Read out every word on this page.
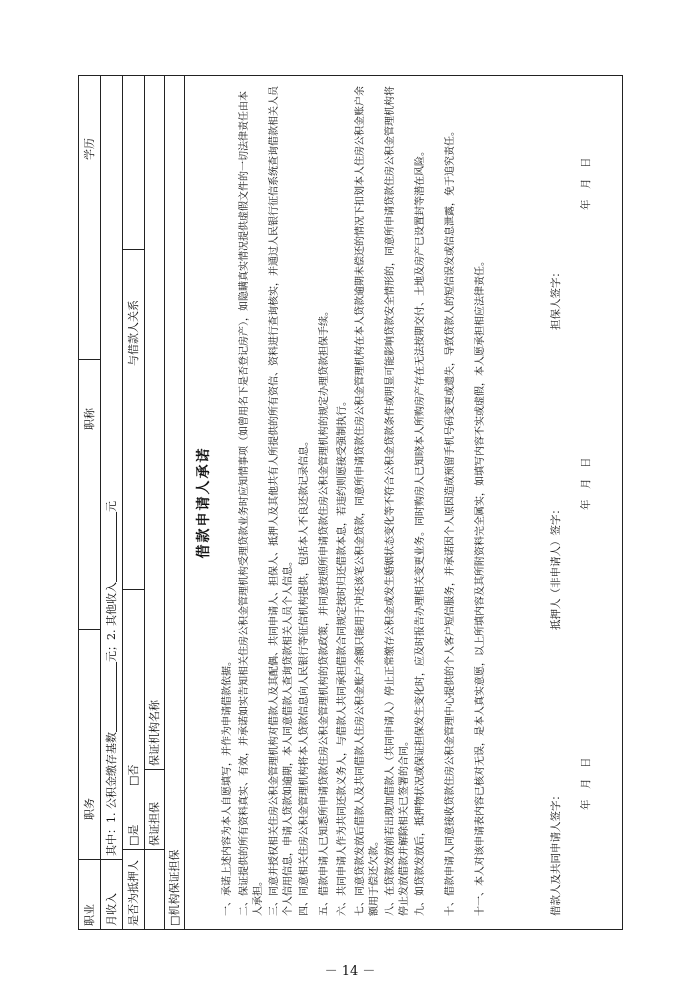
职业
职务
职称
学历
月收入
其中：1. 公积金缴存基数
元；2. 其他收入
元
是否为抵押人
□是
□否
与借款人关系
保证担保
保证机构名称
□机构保证担保
借款申请人承诺
一、承诺上述内容为本人自愿填写，并作为申请借款依据。 二、保证提供的所有资料真实、有效，并承诺如实告知相关住房公积金管理机构受理贷款业务时应知情事项（如曾用名下是否登记房产），如隐瞒真实情况提供虚假文件的一切法律责任由本人承担。 三、同意并授权相关住房公积金管理机构对借款人及其配偶、共同申请人、担保人、抵押人及其他共有人所提供的所有资信、资料进行查询核实，并通过人民银行征信系统查询借款相关人员个人信用信息，申请人贷款如逾期，本人同意借款人查询贷款相关人员个人信息。 四、同意相关住房公积金管理机构将本人贷款信息向人民银行等征信机构提供，包括本人不良还款记录信息。 五、借款申请人已知悉所申请贷款住房公积金管理机构的贷款政策，并同意按照所申请贷款住房公积金管理机构的规定办理贷款担保手续。 六、共同申请人作为共同还款义务人，与借款人共同承担借款合同规定按时归还借款本息，若违约则愿接受强制执行。 七、同意贷款发放后借款人及共同借款人住房公积金账户余额只能用于冲还该笔公积金贷款，同意所申请贷款住房公积金管理机构在本人贷款逾期未偿还的情况下扣划本人住房公积金账户余额用于偿还欠款。 八、在贷款发放前若出现加借款人（共同申请人）停止正常缴存公积金或发生婚姻状态变化等不符合公积金贷款条件或明显可能影响贷款安全情形的，同意所申请贷款住房公积金管理机构将停止发放借款并解除相关已签署的合同。 九、如贷款发放后，抵押物状况或保证担保发生变化时，应及时报告办理相关变更业务。同时购房人已知晓本人所购房产存在无法按期交付、土地及房产已设置封等潜在风险。 十、借款申请人同意接收贷款住房公积金管理中心提供的个人客户短信服务，并承诺因个人原因造成预留手机号码变更或遗失，导致贷款人的短信误发或信息泄露，免于追究责任。 十一、本人对该申请表内容已核对无误，是本人真实意愿，以上所填内容及其所附资料完全属实，如填写内容不实或虚假，本人愿承担相应法律责任。	借款人及共同申请人签字：
抵押人（非申请人）签字：
担保人签字：
年　月　日
年　月　日
年　月　日
－ 14 －
